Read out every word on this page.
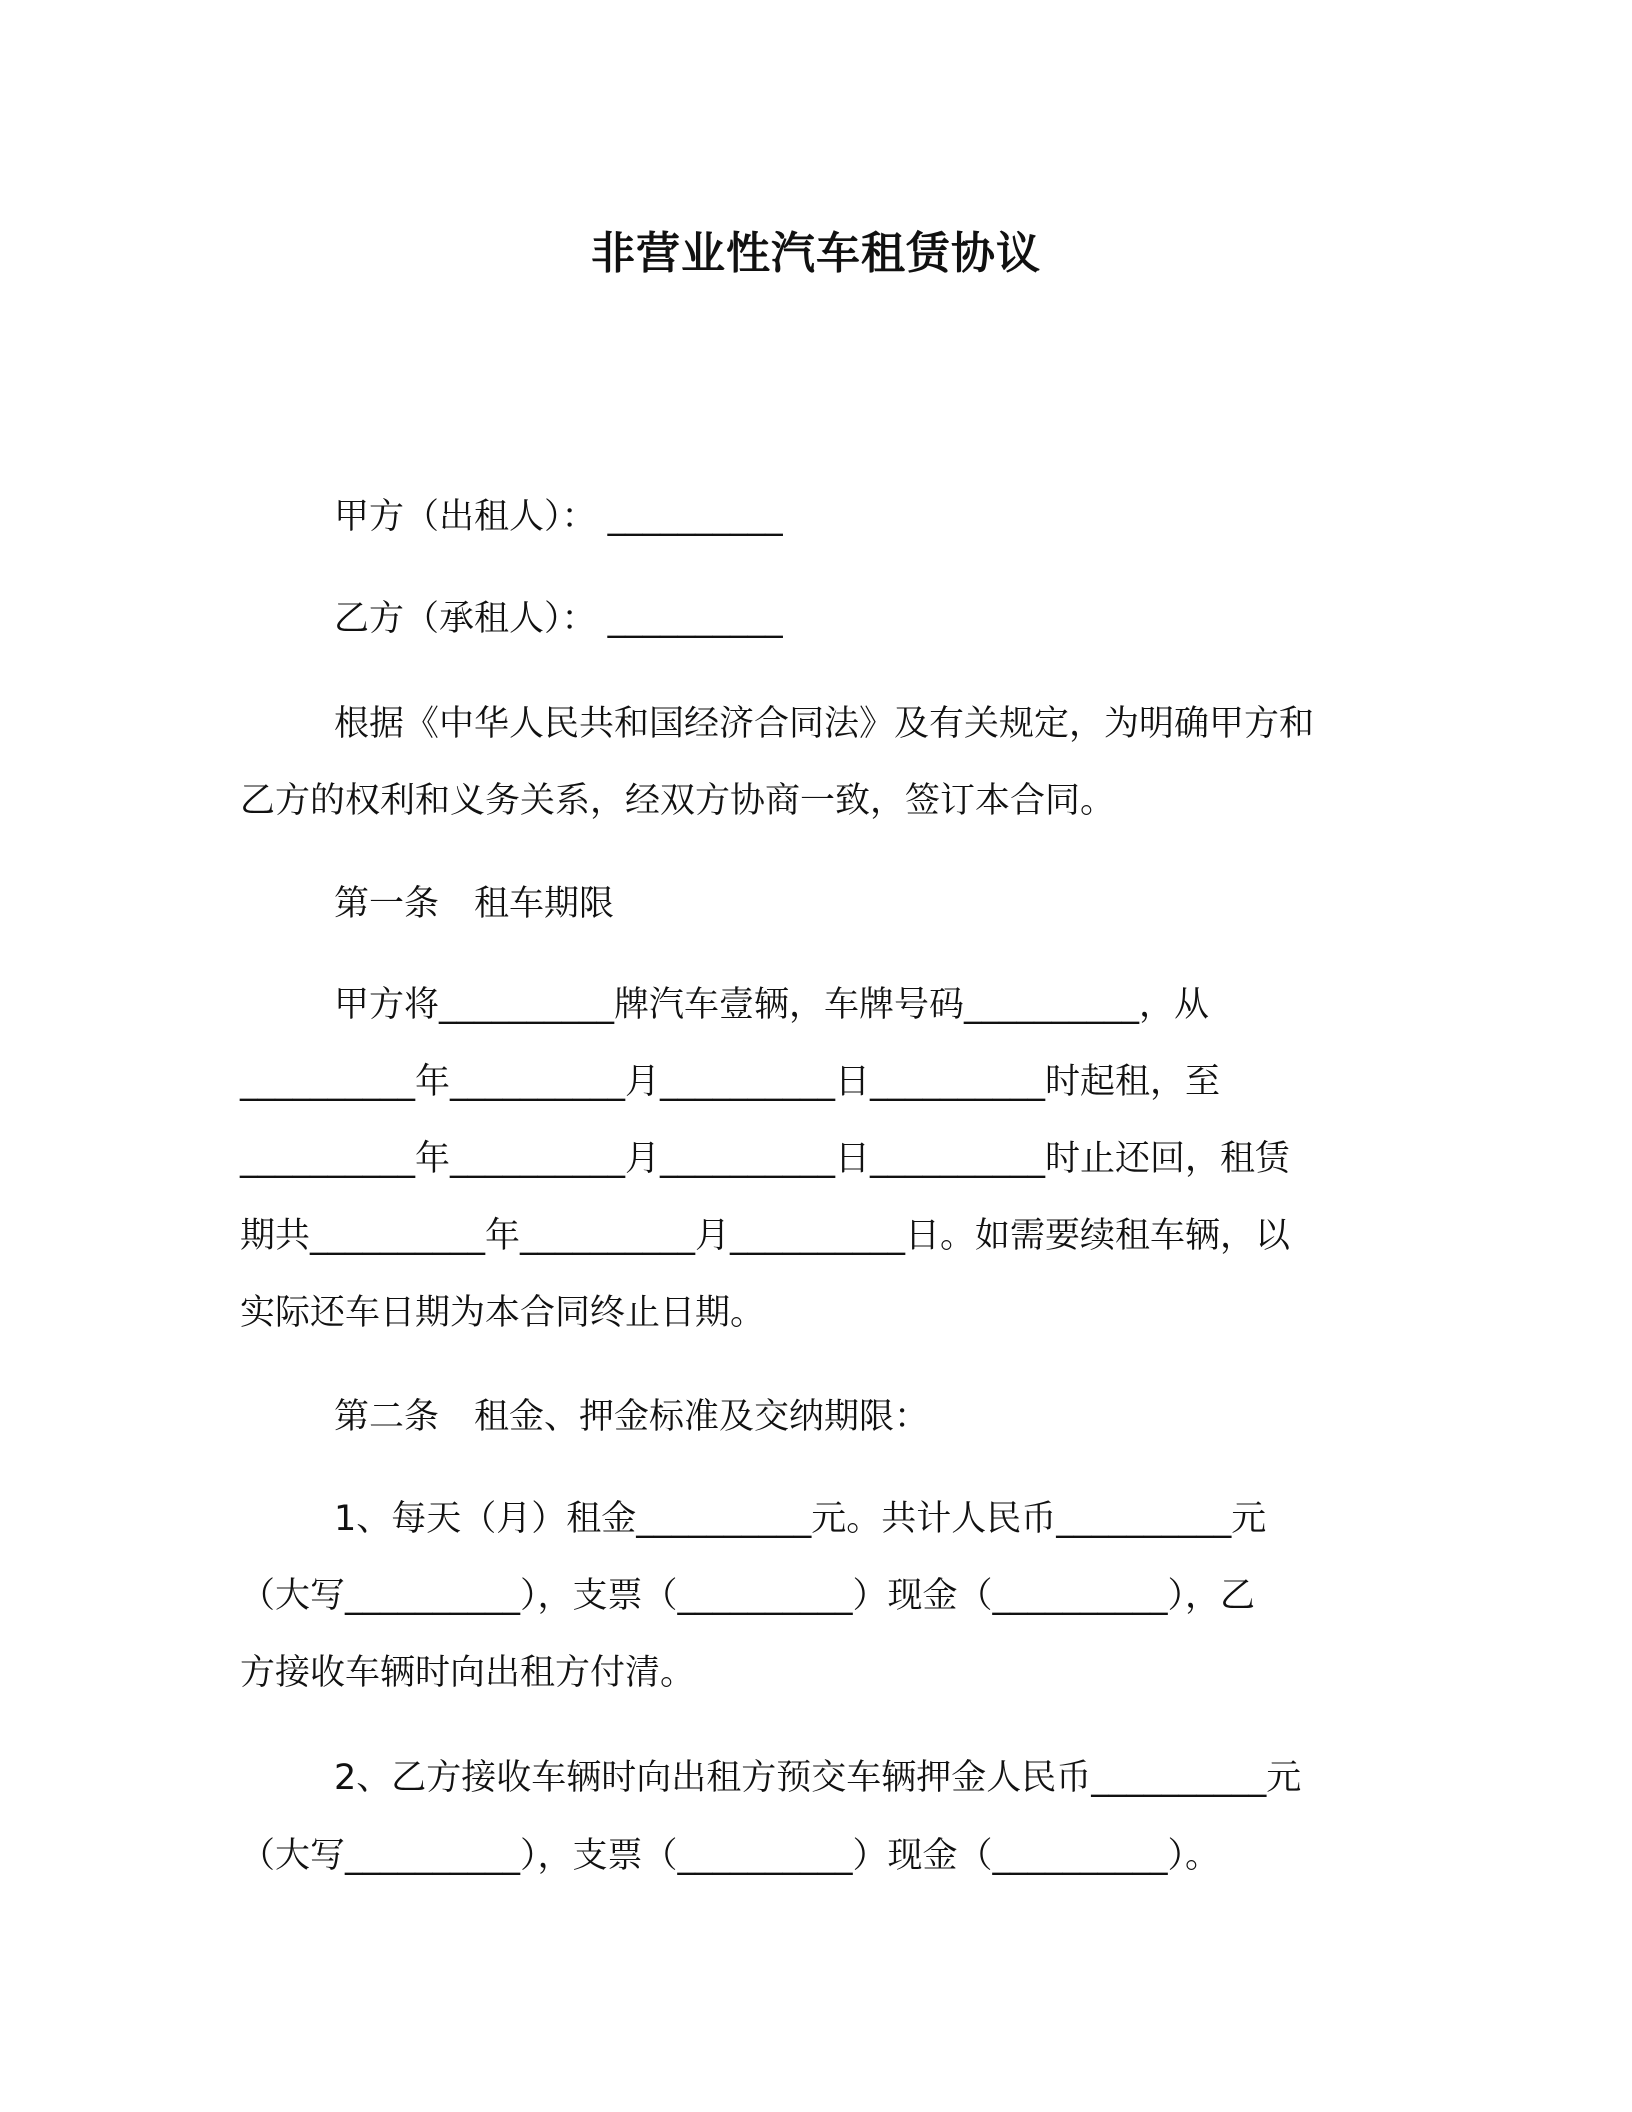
非营业性汽车租赁协议

甲方（出租人）： __________

乙方（承租人）： __________

根据《中华人民共和国经济合同法》及有关规定，为明确甲方和

乙方的权利和义务关系，经双方协商一致，签订本合同。

第一条　租车期限

甲方将__________牌汽车壹辆，车牌号码__________，从

__________年__________月__________日__________时起租，至

__________年__________月__________日__________时止还回，租赁

期共__________年__________月__________日。如需要续租车辆，以

实际还车日期为本合同终止日期。

第二条　租金、押金标准及交纳期限：

1、每天（月）租金__________元。共计人民币__________元

（大写__________），支票（__________）现金（__________），乙

方接收车辆时向出租方付清。

2、乙方接收车辆时向出租方预交车辆押金人民币__________元

（大写__________），支票（__________）现金（__________）。
